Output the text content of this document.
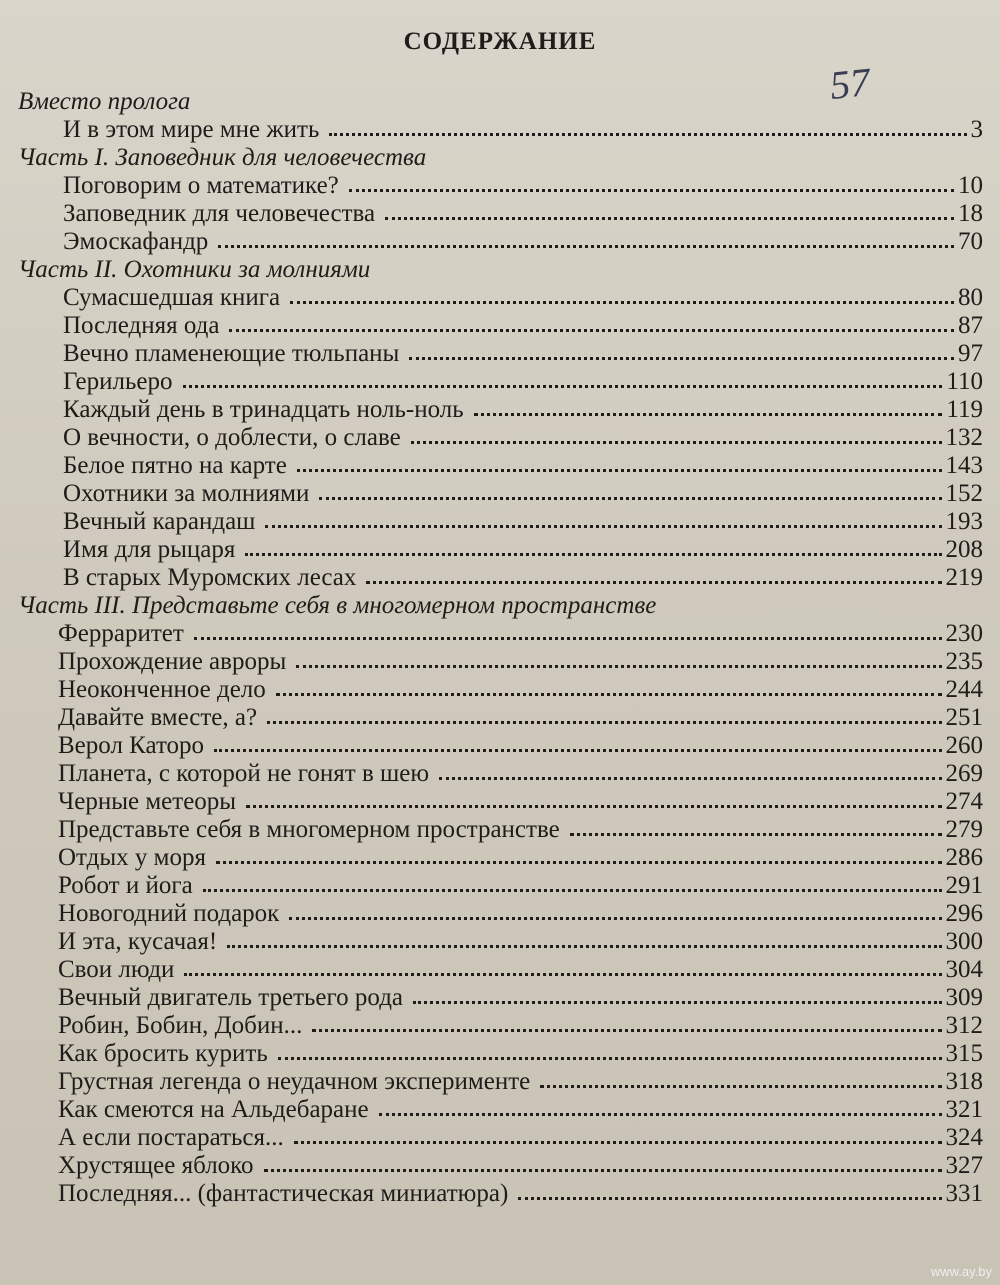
СОДЕРЖАНИЕ
57
Вместо пролога
И в этом мире мне жить	3
Часть I. Заповедник для человечества
Поговорим о математике?	10
Заповедник для человечества	18
Эмоскафандр	70
Часть II. Охотники за молниями
Сумасшедшая книга	80
Последняя ода	87
Вечно пламенеющие тюльпаны	97
Герильеро	110
Каждый день в тринадцать ноль-ноль	119
О вечности, о доблести, о славе	132
Белое пятно на карте	143
Охотники за молниями	152
Вечный карандаш	193
Имя для рыцаря	208
В старых Муромских лесах	219
Часть III. Представьте себя в многомерном пространстве
Ферраритет	230
Прохождение авроры	235
Неоконченное дело	244
Давайте вместе, а?	251
Верол Каторо	260
Планета, с которой не гонят в шею	269
Черные метеоры	274
Представьте себя в многомерном пространстве	279
Отдых у моря	286
Робот и йога	291
Новогодний подарок	296
И эта, кусачая!	300
Свои люди	304
Вечный двигатель третьего рода	309
Робин, Бобин, Добин...	312
Как бросить курить	315
Грустная легенда о неудачном эксперименте	318
Как смеются на Альдебаране	321
А если постараться...	324
Хрустящее яблоко	327
Последняя... (фантастическая миниатюра)	331
www.ay.by
